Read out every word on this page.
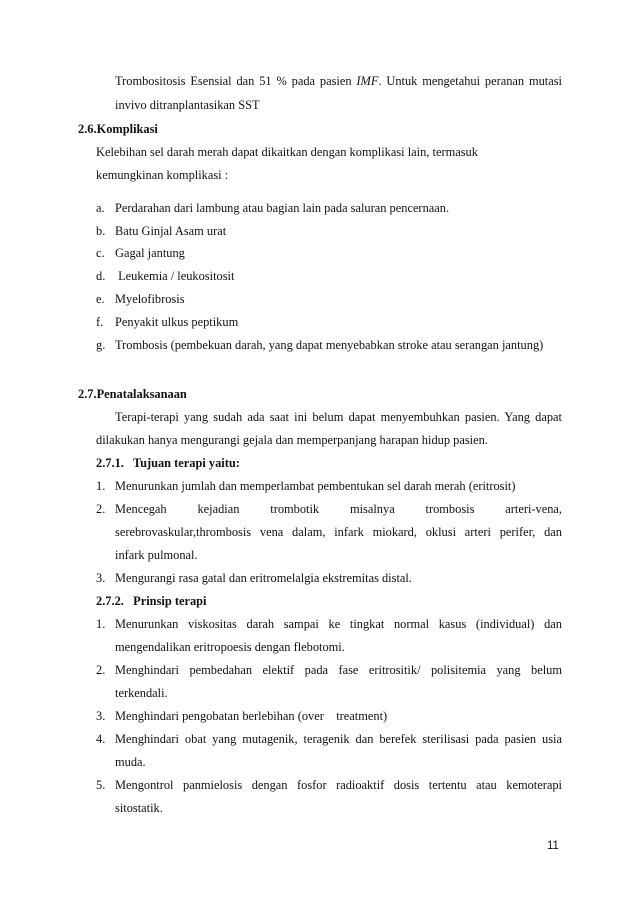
Trombositosis Esensial dan 51 % pada pasien IMF. Untuk mengetahui peranan mutasi
invivo ditranplantasikan SST
2.6.Komplikasi
Kelebihan sel darah merah dapat dikaitkan dengan komplikasi lain, termasuk
kemungkinan komplikasi :
a. Perdarahan dari lambung atau bagian lain pada saluran pencernaan.
b. Batu Ginjal Asam urat
c. Gagal jantung
d. Leukemia / leukositosit
e. Myelofibrosis
f. Penyakit ulkus peptikum
g. Trombosis (pembekuan darah, yang dapat menyebabkan stroke atau serangan jantung)
2.7.Penatalaksanaan
Terapi-terapi yang sudah ada saat ini belum dapat menyembuhkan pasien. Yang dapat
dilakukan hanya mengurangi gejala dan memperpanjang harapan hidup pasien.
2.7.1.   Tujuan terapi yaitu:
1. Menurunkan jumlah dan memperlambat pembentukan sel darah merah (eritrosit)
2. Mencegah kejadian trombotik misalnya trombosis arteri-vena,
serebrovaskular,thrombosis vena dalam, infark miokard, oklusi arteri perifer, dan
infark pulmonal.
3. Mengurangi rasa gatal dan eritromelalgia ekstremitas distal.
2.7.2.   Prinsip terapi
1. Menurunkan viskositas darah sampai ke tingkat normal kasus (individual) dan
mengendalikan eritropoesis dengan flebotomi.
2. Menghindari pembedahan elektif pada fase eritrositik/ polisitemia yang belum
terkendali.
3. Menghindari pengobatan berlebihan (over    treatment)
4. Menghindari obat yang mutagenik, teragenik dan berefek sterilisasi pada pasien usia
muda.
5. Mengontrol panmielosis dengan fosfor radioaktif dosis tertentu atau kemoterapi
sitostatik.
11
